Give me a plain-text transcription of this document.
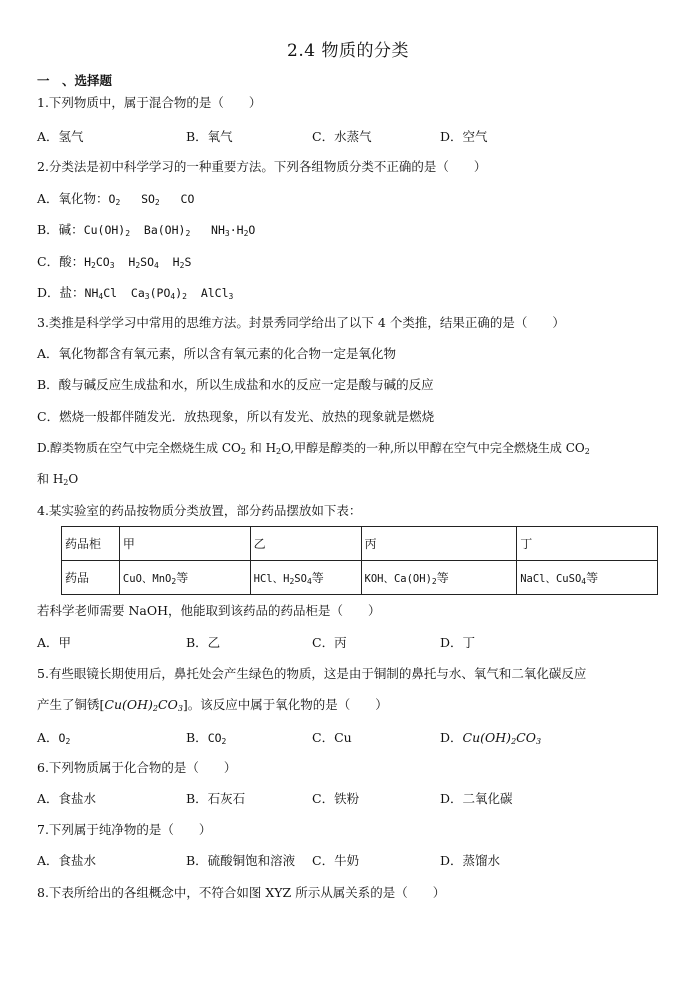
2.4 物质的分类
一　、选择题
1.下列物质中，属于混合物的是（　　）
A．氢气	B．氧气	C．水蒸气	D．空气
2.分类法是初中科学学习的一种重要方法。下列各组物质分类不正确的是（　　）
A．氧化物：$O_2$   $SO_2$   CO
B．碱：$Cu(OH)_2$  $Ba(OH)_2$   $NH_3\cdot H_2O$
C．酸：$H_2CO_3$  $H_2SO_4$  $H_2S$
D．盐：$NH_4Cl$  $Ca_3(PO_4)_2$  AlCl$_3$
3.类推是科学学习中常用的思维方法。封景秀同学给出了以下 4 个类推，结果正确的是（　　）
A．氧化物都含有氧元素，所以含有氧元素的化合物一定是氧化物
B．酸与碱反应生成盐和水，所以生成盐和水的反应一定是酸与碱的反应
C．燃烧一般都伴随发光．放热现象，所以有发光、放热的现象就是燃烧
D.醇类物质在空气中完全燃烧生成 $CO_2$ 和 $H_2O$,甲醇是醇类的一种,所以甲醇在空气中完全燃烧生成 $CO_2$
和 $H_2O$
4.某实验室的药品按物质分类放置，部分药品摆放如下表：
药品柜	甲	乙	丙	丁
药品	CuO、MnO$_2$等	HCl、$H_2SO_4$等	KOH、$Ca(OH)_2$等	NaCl、CuSO$_4$等
若科学老师需要 NaOH，他能取到该药品的药品柜是（　　）
A．甲	B．乙	C．丙	D．丁
5.有些眼镜长期使用后，鼻托处会产生绿色的物质，这是由于铜制的鼻托与水、氧气和二氧化碳反应
产生了铜锈$[Cu(OH)_2CO_3]$。该反应中属于氧化物的是（　　）
A．$O_2$	B．$CO_2$	C．Cu	D．$Cu(OH)_2CO_3$
6.下列物质属于化合物的是（　　）
A．食盐水	B．石灰石	C．铁粉	D．二氧化碳
7.下列属于纯净物的是（　　）
A．食盐水	B．硫酸铜饱和溶液 C．牛奶	D．蒸馏水
8.下表所给出的各组概念中，不符合如图 XYZ 所示从属关系的是（　　）
